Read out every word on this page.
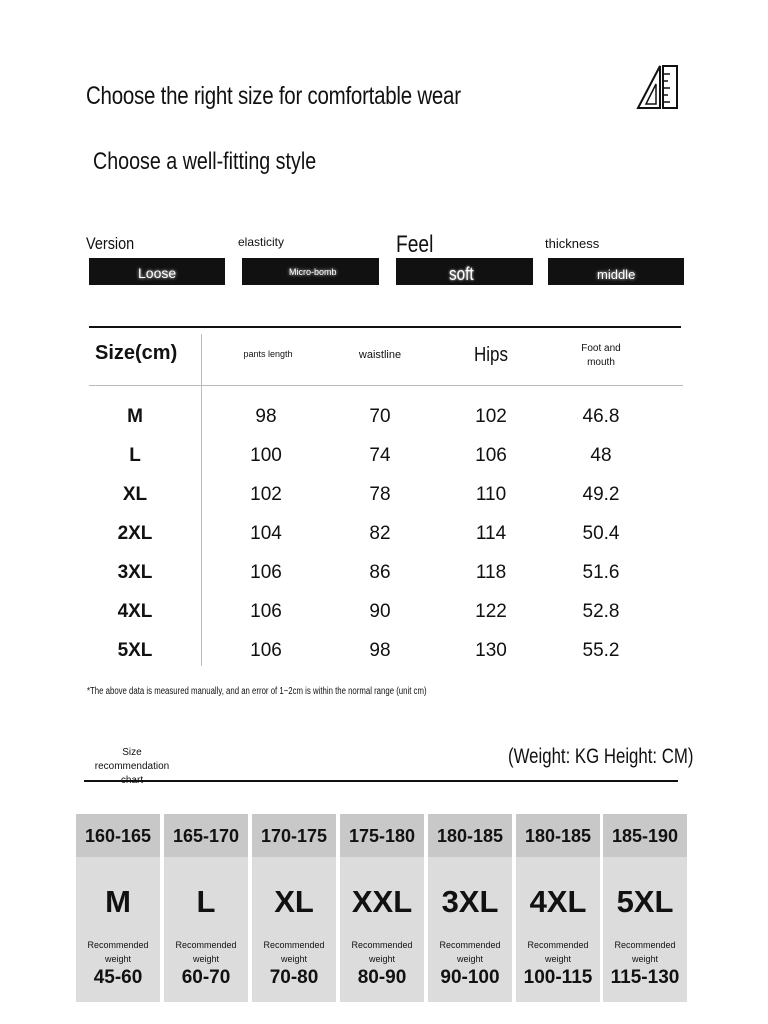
Choose the right size for comfortable wear
Choose a well-fitting style
Version
Loose
elasticity
Micro-bomb
Feel
soft
thickness
middle
Size(cm)	pants length	waistline	Hips	Foot and mouth
M	98	70	102	46.8
L	100	74	106	48
XL	102	78	110	49.2
2XL	104	82	114	50.4
3XL	106	86	118	51.6
4XL	106	90	122	52.8
5XL	106	98	130	55.2
*The above data is measured manually, and an error of 1~2cm is within the normal range (unit cm)
Size recommendation	(Weight: KG Height: CM)
160-165
M
Recommended weight
45-60
165-170
L
Recommended weight
60-70
170-175
XL
Recommended weight
70-80
175-180
XXL
Recommended weight
80-90
180-185
3XL
Recommended weight
90-100
180-185
4XL
Recommended weight
100-115
185-190
5XL
Recommended weight
115-130
